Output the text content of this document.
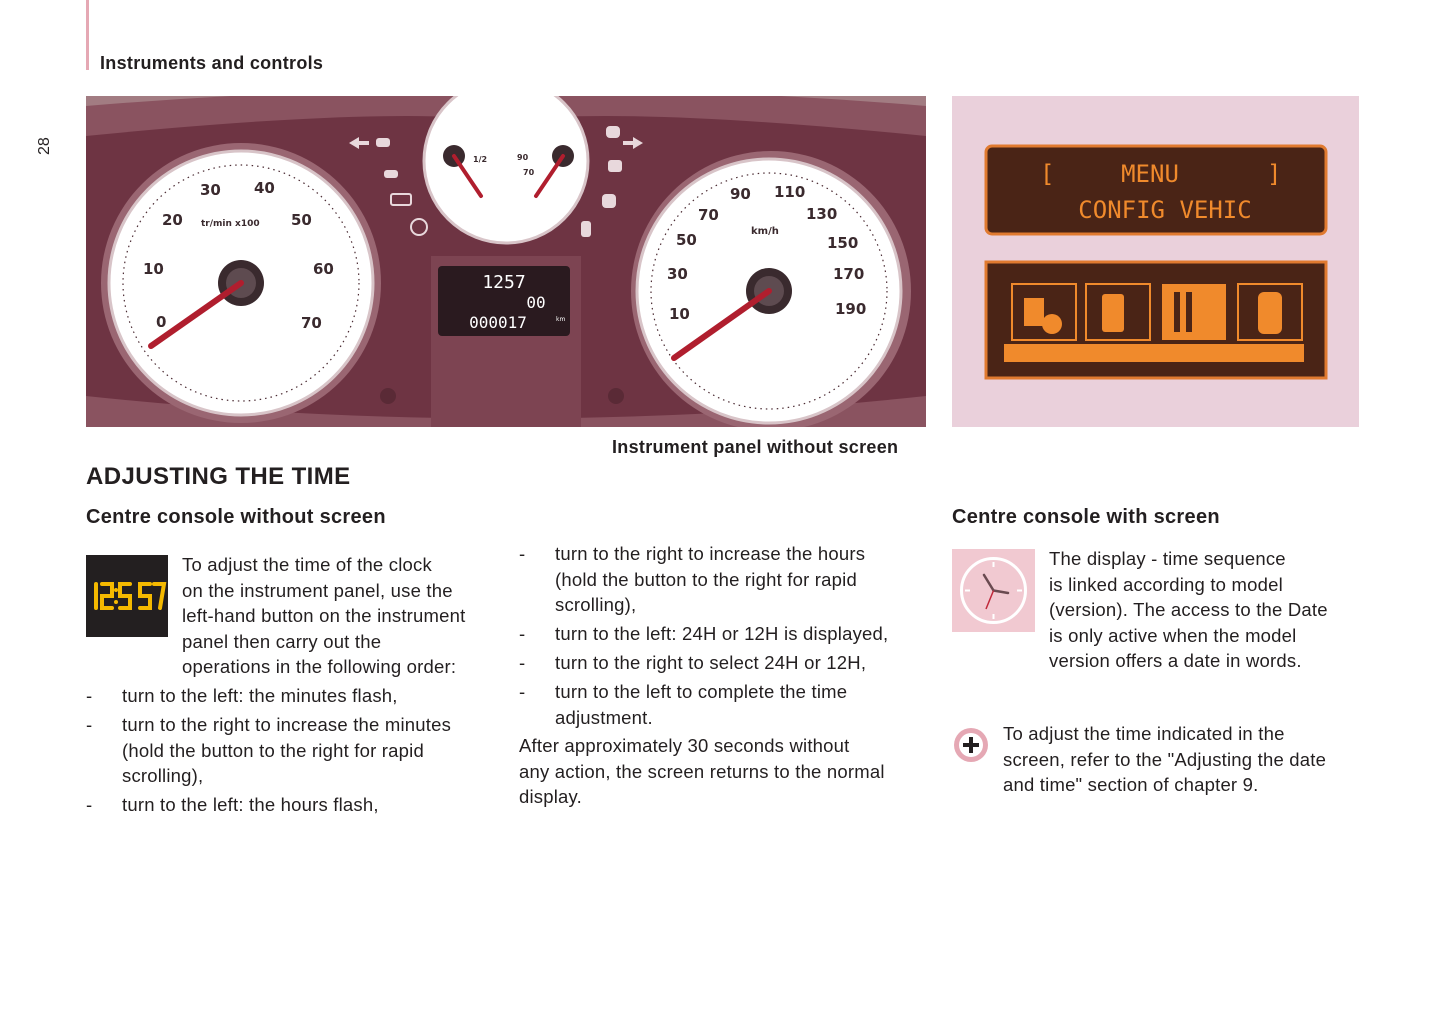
Instruments and controls
28
0
10
20
30 40
50
60
70
tr/min x100
10
30
50
70
90 110
130
150
170
190
km/h
1/2	90
70
1257
00
000017	km
[	MENU	]
CONFIG VEHIC
Instrument panel without screen
ADJUSTING THE TIME
Centre console without screen
To adjust the time of the clock
on the instrument panel, use the
left-hand button on the instrument
panel then carry out the
operations in the following order:
- turn to the left: the minutes flash,
- turn to the right to increase the minutes
(hold the button to the right for rapid
scrolling),
- turn to the left: the hours flash,
- turn to the right to increase the hours
(hold the button to the right for rapid
scrolling),
- turn to the left: 24H or 12H is displayed,
- turn to the right to select 24H or 12H,
- turn to the left to complete the time
adjustment.
After approximately 30 seconds without
any action, the screen returns to the normal
display.
Centre console with screen
The display - time sequence
is linked according to model
(version). The access to the Date
is only active when the model
version offers a date in words.
To adjust the time indicated in the
screen, refer to the "Adjusting the date
and time" section of chapter 9.
